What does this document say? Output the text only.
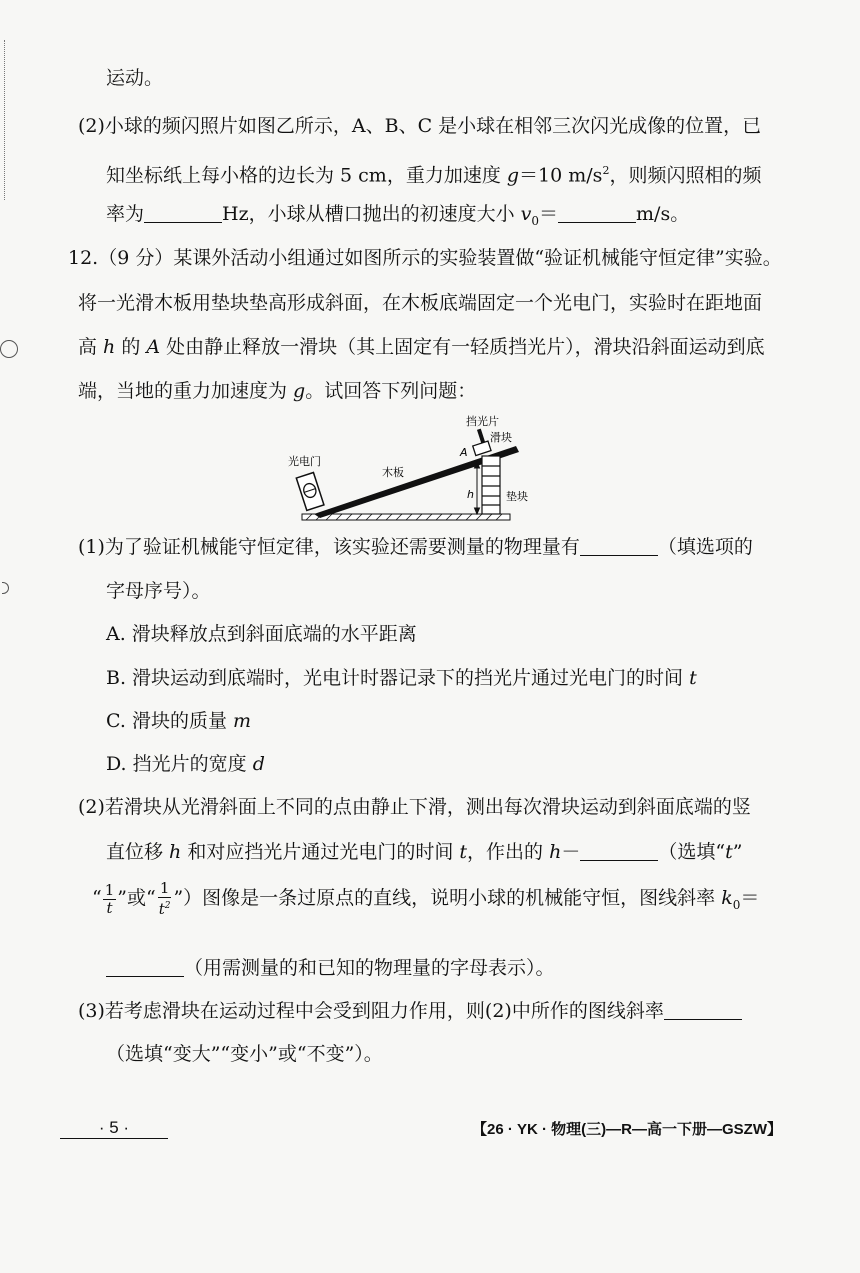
运动。
(2)小球的频闪照片如图乙所示，A、B、C 是小球在相邻三次闪光成像的位置，已
知坐标纸上每小格的边长为 5 cm，重力加速度 g＝10 $m/s^2$，则频闪照相的频
率为	Hz，小球从槽口抛出的初速度大小 $v_0=$	m/s。
12.（9 分）某课外活动小组通过如图所示的实验装置做“验证机械能守恒定律”实验。
将一光滑木板用垫块垫高形成斜面，在木板底端固定一个光电门，实验时在距地面
高 h 的 A 处由静止释放一滑块（其上固定有一轻质挡光片），滑块沿斜面运动到底
端，当地的重力加速度为 g。试回答下列问题：
挡光片
滑块
A
光电门
木板
h	垫块
(1)为了验证机械能守恒定律，该实验还需要测量的物理量有	（填选项的
字母序号）。
A. 滑块释放点到斜面底端的水平距离
B. 滑块运动到底端时，光电计时器记录下的挡光片通过光电门的时间 t
C. 滑块的质量 m
D. 挡光片的宽度 d
(2)若滑块从光滑斜面上不同的点由静止下滑，测出每次滑块运动到斜面底端的竖
直位移 h 和对应挡光片通过光电门的时间 t，作出的 h－	（选填“t”
“ $\frac{1}{t}$ ”或“ $\frac{1}{t^2}$ ”）图像是一条过原点的直线，说明小球的机械能守恒，图线斜率 $k_0=$
（用需测量的和已知的物理量的字母表示）。
(3)若考虑滑块在运动过程中会受到阻力作用，则(2)中所作的图线斜率
（选填“变大”“变小”或“不变”）。
· 5 ·	【26 · YK · 物理(三)—R—高一下册—GSZW】
